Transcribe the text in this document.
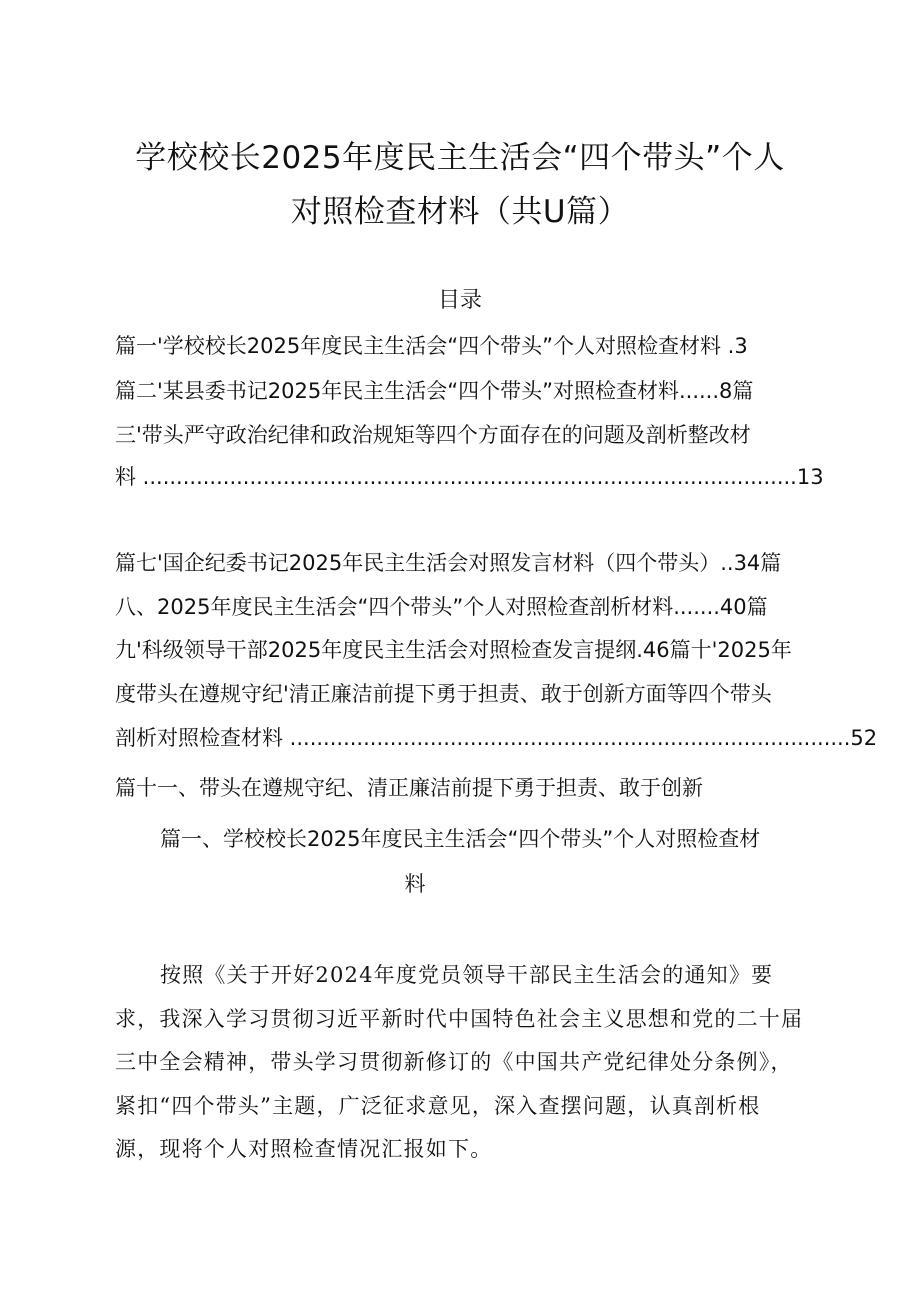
学校校长2025年度民主生活会“四个带头”个人
对照检查材料（共U篇）
目录
篇一'学校校长2025年度民主生活会“四个带头”个人对照检查材料 .3
篇二'某县委书记2025年民主生活会“四个带头”对照检查材料......8篇
三'带头严守政治纪律和政治规矩等四个方面存在的问题及剖析整改材
料 ..................................................................................................13
篇七'国企纪委书记2025年民主生活会对照发言材料（四个带头）..34篇
八、2025年度民主生活会“四个带头”个人对照检查剖析材料.......40篇
九'科级领导干部2025年度民主生活会对照检查发言提纲.46篇十'2025年
度带头在遵规守纪'清正廉洁前提下勇于担责、敢于创新方面等四个带头
剖析对照检查材料 ....................................................................................52
篇十一、带头在遵规守纪、清正廉洁前提下勇于担责、敢于创新
篇一、学校校长2025年度民主生活会“四个带头”个人对照检查材
料

按照《关于开好2024年度党员领导干部民主生活会的通知》要

求，我深入学习贯彻习近平新时代中国特色社会主义思想和党的二十届

三中全会精神，带头学习贯彻新修订的《中国共产党纪律处分条例》，

紧扣“四个带头”主题，广泛征求意见，深入查摆问题，认真剖析根

源，现将个人对照检查情况汇报如下。
